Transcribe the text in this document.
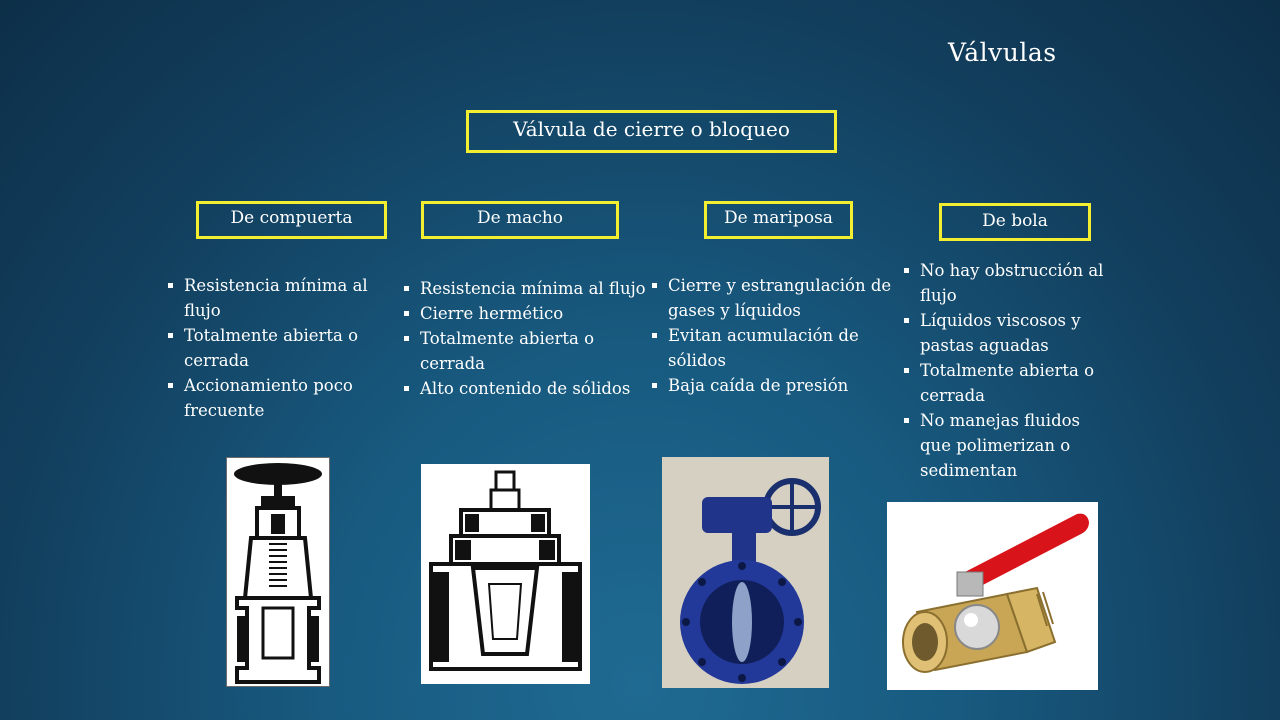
Válvulas
Válvula de cierre o bloqueo
De compuerta	De macho	De mariposa	De bola
Resistencia mínima al flujo
Totalmente abierta o cerrada
Accionamiento poco frecuente
Resistencia mínima al flujo
Cierre hermético
Totalmente abierta o cerrada
Alto contenido de sólidos
Cierre y estrangulación de gases y líquidos
Evitan acumulación de sólidos
Baja caída de presión
No hay obstrucción al flujo
Líquidos viscosos y pastas aguadas
Totalmente abierta o cerrada
No manejas fluidos que polimerizan o sedimentan
